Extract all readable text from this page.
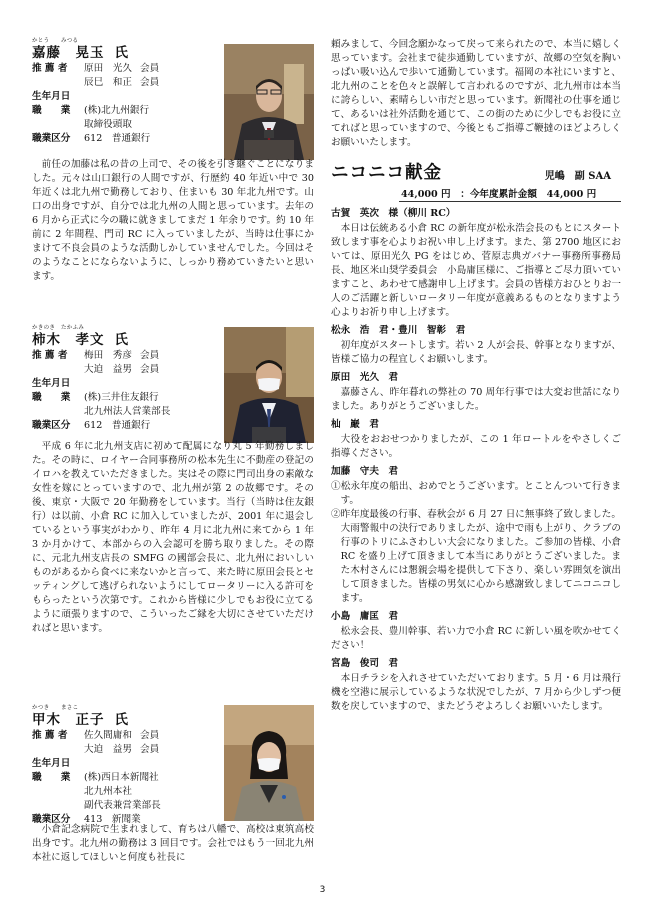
かとう　　みつる
嘉藤　晃玉 氏
推 薦 者	原田　光久 会員
辰巳　和正 会員
生年月日
職　　業	(株)北九州銀行
取締役頭取
職業区分	612　普通銀行

前任の加藤は私の昔の上司で、その後を引き継ぐことになりました。元々は山口銀行の人間ですが、行歴約 40 年近い中で 30 年近くは北九州で勤務しており、住まいも 30 年北九州です。山口の出身ですが、自分では北九州の人間と思っています。去年の 6 月から正式に今の職に就きましてまだ 1 年余りです。約 10 年前に 2 年間程、門司 RC に入っていましたが、当時は仕事にかまけて不良会員のような活動しかしていませんでした。今回はそのようなことにならないように、しっかり務めていきたいと思います。

かきのき　たかふみ
柿木　孝文 氏
推 薦 者	梅田　秀彦 会員
大迫　益男 会員
生年月日
職　　業	(株)三井住友銀行
北九州法人営業部長
職業区分	612　普通銀行

平成 6 年に北九州支店に初めて配属になり丸 5 年勤務しました。その時に、ロイヤー合同事務所の松本先生に不動産の登記のイロハを教えていただきました。実はその際に門司出身の素敵な女性を嫁にとっていますので、北九州が第 2 の故郷です。その後、東京・大阪で 20 年勤務をしています。当行（当時は住友銀行）は以前、小倉 RC に加入していましたが、2001 年に退会しているという事実がわかり、昨年 4 月に北九州に来てから 1 年 3 か月かけて、本部からの入会認可を勝ち取りました。その際に、元北九州支店長の SMFG の國部会長に、北九州においしいものがあるから食べに来ないかと言って、来た時に原田会長とセッティングして逃げられないようにしてロータリーに入る許可をもらったという次第です。これから皆様に少しでもお役に立てるように頑張りますので、こういったご縁を大切にさせていただければと思います。

かつき　　まさこ
甲木　正子 氏
推 薦 者	佐久間庸和 会員
大迫　益男 会員
生年月日
職　　業	(株)西日本新聞社
北九州本社
副代表兼営業部長
職業区分	413　新聞業

小倉記念病院で生まれまして、育ちは八幡で、高校は東筑高校出身です。北九州の勤務は 3 回目です。会社ではもう一回北九州本社に返してほしいと何度も社長に

頼みまして、今回念願かなって戻って来られたので、本当に嬉しく思っています。会社まで徒歩通勤していますが、故郷の空気を胸いっぱい吸い込んで歩いて通勤しています。福岡の本社にいますと、北九州のことを色々と誤解して言われるのですが、北九州市は本当に誇らしい、素晴らしい市だと思っています。新聞社の仕事を通じて、あるいは社外活動を通じて、この街のために少しでもお役に立てればと思っていますので、今後ともご指導ご鞭撻のほどよろしくお願いいたします。

ニコニコ献金	児嶋　副 SAA
44,000 円　：今年度累計金額　44,000 円
古賀　英次　様（柳川 RC）

本日は伝統ある小倉 RC の新年度が松永浩会長のもとにスタート致します事を心よりお祝い申し上げます。また、第 2700 地区においては、原田光久 PG をはじめ、菅原志典ガバナー事務所事務局長、地区米山奨学委員会　小島庸匡様に、ご指導とご尽力頂いていますこと、あわせて感謝申し上げます。会員の皆様方おひとりお一人のご活躍と新しいロータリー年度が意義あるものとなりますよう心よりお祈り申し上げます。

松永　浩　君・豊川　智彰　君

初年度がスタートします。若い 2 人が会長、幹事となりますが、皆様ご協力の程宜しくお願いします。

原田　光久　君

嘉藤さん、昨年暮れの弊社の 70 周年行事では大変お世話になりました。ありがとうございました。

杣　巌　君

大役をおおせつかりましたが、この 1 年ロートルをやさしくご指導ください。

加藤　守夫　君

①松永年度の船出、おめでとうございます。とことんついて行きます。

②昨年度最後の行事、春秋会が 6 月 27 日に無事終了致しました。大雨警報中の決行でありましたが、途中で雨も上がり、クラブの行事のトリにふさわしい大会になりました。ご参加の皆様、小倉 RC を盛り上げて頂きまして本当にありがとうございました。また木村さんには懇親会場を提供して下さり、楽しい雰囲気を演出して頂きました。皆様の男気に心から感謝致しましてニコニコします。

小島　庸匡　君

松永会長、豊川幹事、若い力で小倉 RC に新しい風を吹かせてください！

宮島　俊司　君

本日チラシを入れさせていただいております。5 月・6 月は飛行機を空港に展示しているような状況でしたが、7 月から少しずつ便数を戻していますので、またどうぞよろしくお願いいたします。

3
